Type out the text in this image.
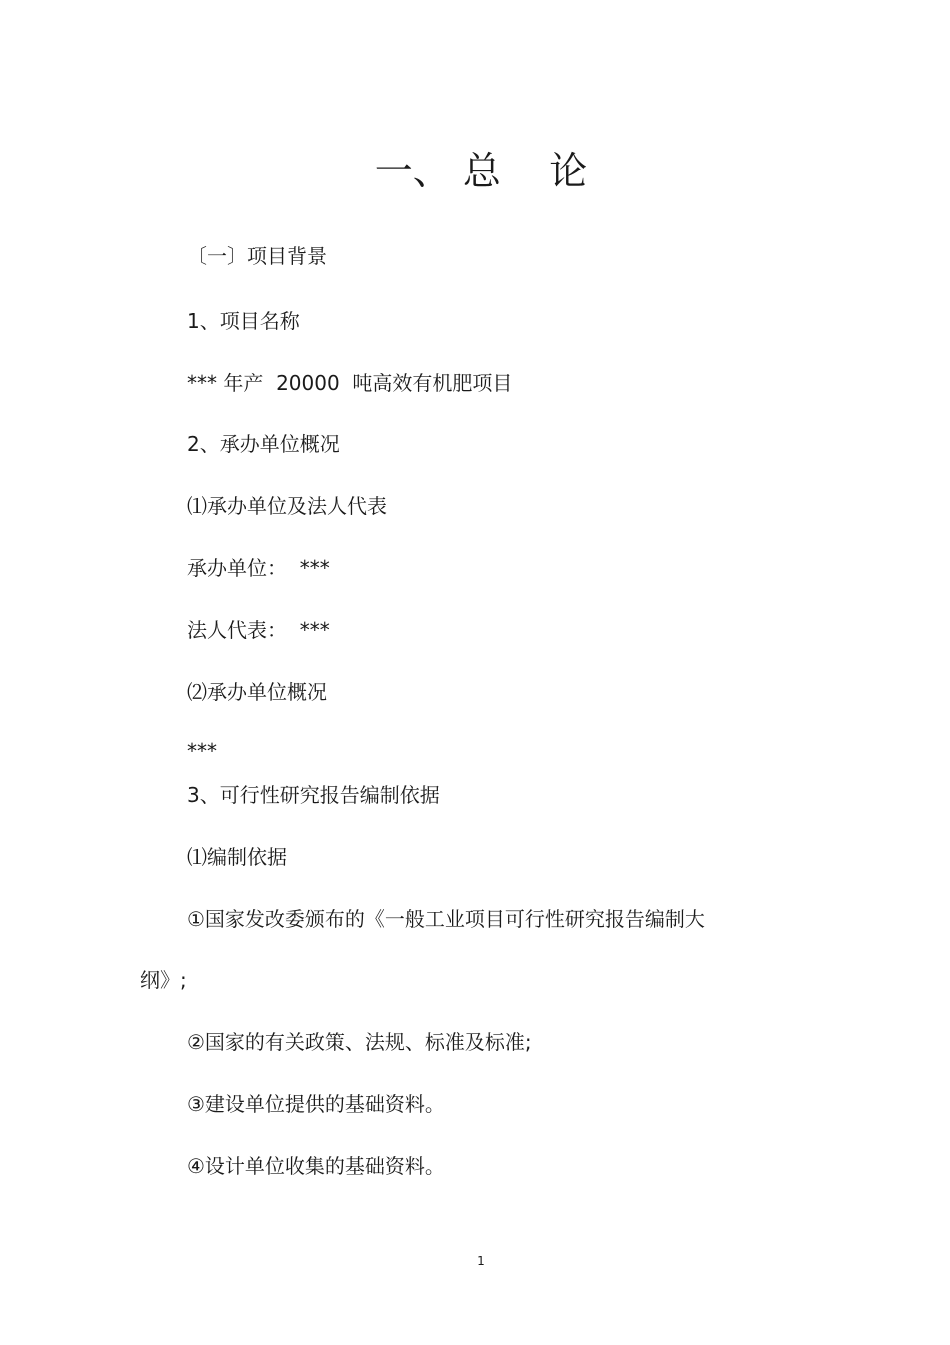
一、 总    论
〔一〕项目背景
1、项目名称
*** 年产  20000  吨高效有机肥项目
2、承办单位概况
⑴承办单位及法人代表
承办单位：  ***
法人代表：  ***
⑵承办单位概况
***
3、可行性研究报告编制依据
⑴编制依据
①国家发改委颁布的《一般工业项目可行性研究报告编制大
纲》;
②国家的有关政策、法规、标准及标准;
③建设单位提供的基础资料。
④设计单位收集的基础资料。
1
